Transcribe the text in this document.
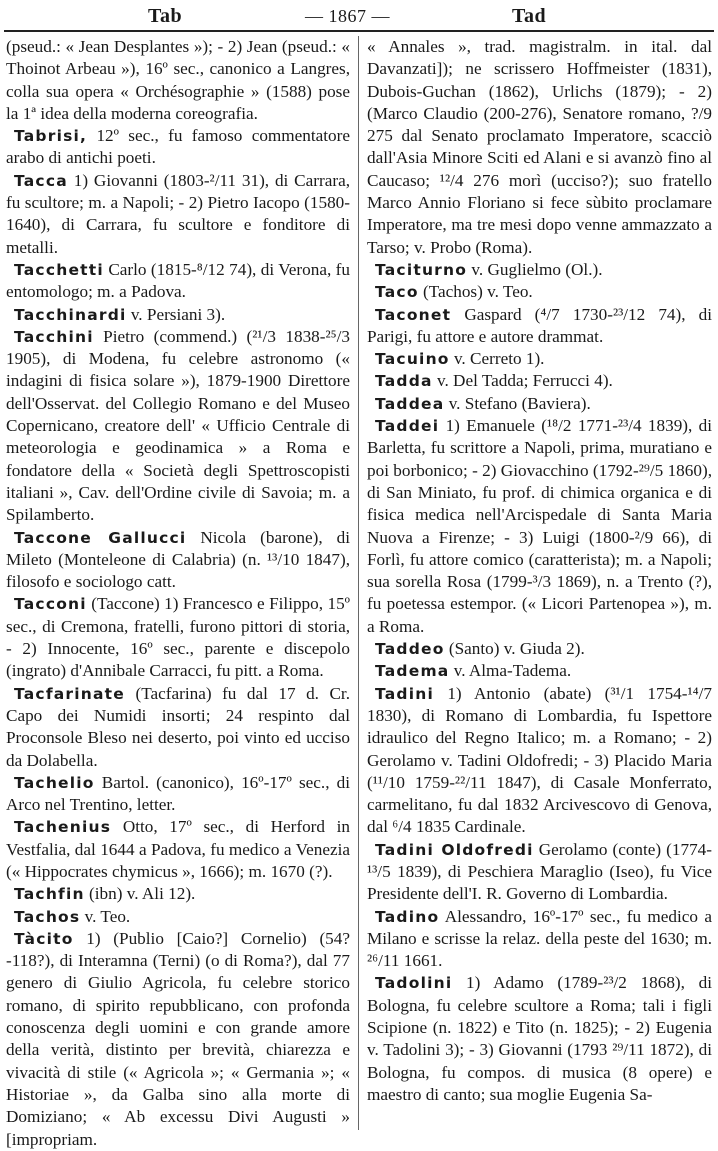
Tab	— 1867 —	Tad

(pseud.: « Jean Desplantes »); - 2) Jean (pseud.: « Thoinot Arbeau »), 16º sec., canonico a Langres, colla sua opera « Orchésographie » (1588) pose la 1ª idea della moderna coreografia.

Tabrisi, 12º sec., fu famoso commentatore arabo di antichi poeti.

Tacca 1) Giovanni (1803-²/11 31), di Carrara, fu scultore; m. a Napoli; - 2) Pietro Iacopo (1580-1640), di Carrara, fu scultore e fonditore di metalli.

Tacchetti Carlo (1815-⁸/12 74), di Verona, fu entomologo; m. a Padova.

Tacchinardi v. Persiani 3).

Tacchini Pietro (commend.) (²¹/3 1838-²⁵/3 1905), di Modena, fu celebre astronomo (« indagini di fisica solare »), 1879-1900 Direttore dell'Osservat. del Collegio Romano e del Museo Copernicano, creatore dell' « Ufficio Centrale di meteorologia e geodinamica » a Roma e fondatore della « Società degli Spettroscopisti italiani », Cav. dell'Ordine civile di Savoia; m. a Spilamberto.

Taccone Gallucci Nicola (barone), di Mileto (Monteleone di Calabria) (n. ¹³/10 1847), filosofo e sociologo catt.

Tacconi (Taccone) 1) Francesco e Filippo, 15º sec., di Cremona, fratelli, furono pittori di storia, - 2) Innocente, 16º sec., parente e discepolo (ingrato) d'Annibale Carracci, fu pitt. a Roma.

Tacfarinate (Tacfarina) fu dal 17 d. Cr. Capo dei Numidi insorti; 24 respinto dal Proconsole Bleso nei deserto, poi vinto ed ucciso da Dolabella.

Tachelio Bartol. (canonico), 16º-17º sec., di Arco nel Trentino, letter.

Tachenius Otto, 17º sec., di Herford in Vestfalia, dal 1644 a Padova, fu medico a Venezia (« Hippocrates chymicus », 1666); m. 1670 (?).

Tachfin (ibn) v. Ali 12).

Tachos v. Teo.

Tàcito 1) (Publio [Caio?] Cornelio) (54?-118?), di Interamna (Terni) (o di Roma?), dal 77 genero di Giulio Agricola, fu celebre storico romano, di spirito repubblicano, con profonda conoscenza degli uomini e con grande amore della verità, distinto per brevità, chiarezza e vivacità di stile (« Agricola »; « Germania »; « Historiae », da Galba sino alla morte di Domiziano; « Ab excessu Divi Augusti » [impropriam.

« Annales », trad. magistralm. in ital. dal Davanzati]); ne scrissero Hoffmeister (1831), Dubois-Guchan (1862), Urlichs (1879); - 2) (Marco Claudio (200-276), Senatore romano, ?/9 275 dal Senato proclamato Imperatore, scacciò dall'Asia Minore Sciti ed Alani e si avanzò fino al Caucaso; ¹²/4 276 morì (ucciso?); suo fratello Marco Annio Floriano si fece sùbito proclamare Imperatore, ma tre mesi dopo venne ammazzato a Tarso; v. Probo (Roma).

Taciturno v. Guglielmo (Ol.).

Taco (Tachos) v. Teo.

Taconet Gaspard (⁴/7 1730-²³/12 74), di Parigi, fu attore e autore drammat.

Tacuino v. Cerreto 1).

Tadda v. Del Tadda; Ferrucci 4).

Taddea v. Stefano (Baviera).

Taddei 1) Emanuele (¹⁸/2 1771-²³/4 1839), di Barletta, fu scrittore a Napoli, prima, muratiano e poi borbonico; - 2) Giovacchino (1792-²⁹/5 1860), di San Miniato, fu prof. di chimica organica e di fisica medica nell'Arcispedale di Santa Maria Nuova a Firenze; - 3) Luigi (1800-²/9 66), di Forlì, fu attore comico (caratterista); m. a Napoli; sua sorella Rosa (1799-³/3 1869), n. a Trento (?), fu poetessa estempor. (« Licori Partenopea »), m. a Roma.

Taddeo (Santo) v. Giuda 2).

Tadema v. Alma-Tadema.

Tadini 1) Antonio (abate) (³¹/1 1754-¹⁴/7 1830), di Romano di Lombardia, fu Ispettore idraulico del Regno Italico; m. a Romano; - 2) Gerolamo v. Tadini Oldofredi; - 3) Placido Maria (¹¹/10 1759-²²/11 1847), di Casale Monferrato, carmelitano, fu dal 1832 Arcivescovo di Genova, dal ⁶/4 1835 Cardinale.

Tadini Oldofredi Gerolamo (conte) (1774-¹³/5 1839), di Peschiera Maraglio (Iseo), fu Vice Presidente dell'I. R. Governo di Lombardia.

Tadino Alessandro, 16º-17º sec., fu medico a Milano e scrisse la relaz. della peste del 1630; m. ²⁶/11 1661.

Tadolini 1) Adamo (1789-²³/2 1868), di Bologna, fu celebre scultore a Roma; tali i figli Scipione (n. 1822) e Tito (n. 1825); - 2) Eugenia v. Tadolini 3); - 3) Giovanni (1793 ²⁹/11 1872), di Bologna, fu compos. di musica (8 opere) e maestro di canto; sua moglie Eugenia Sa-
